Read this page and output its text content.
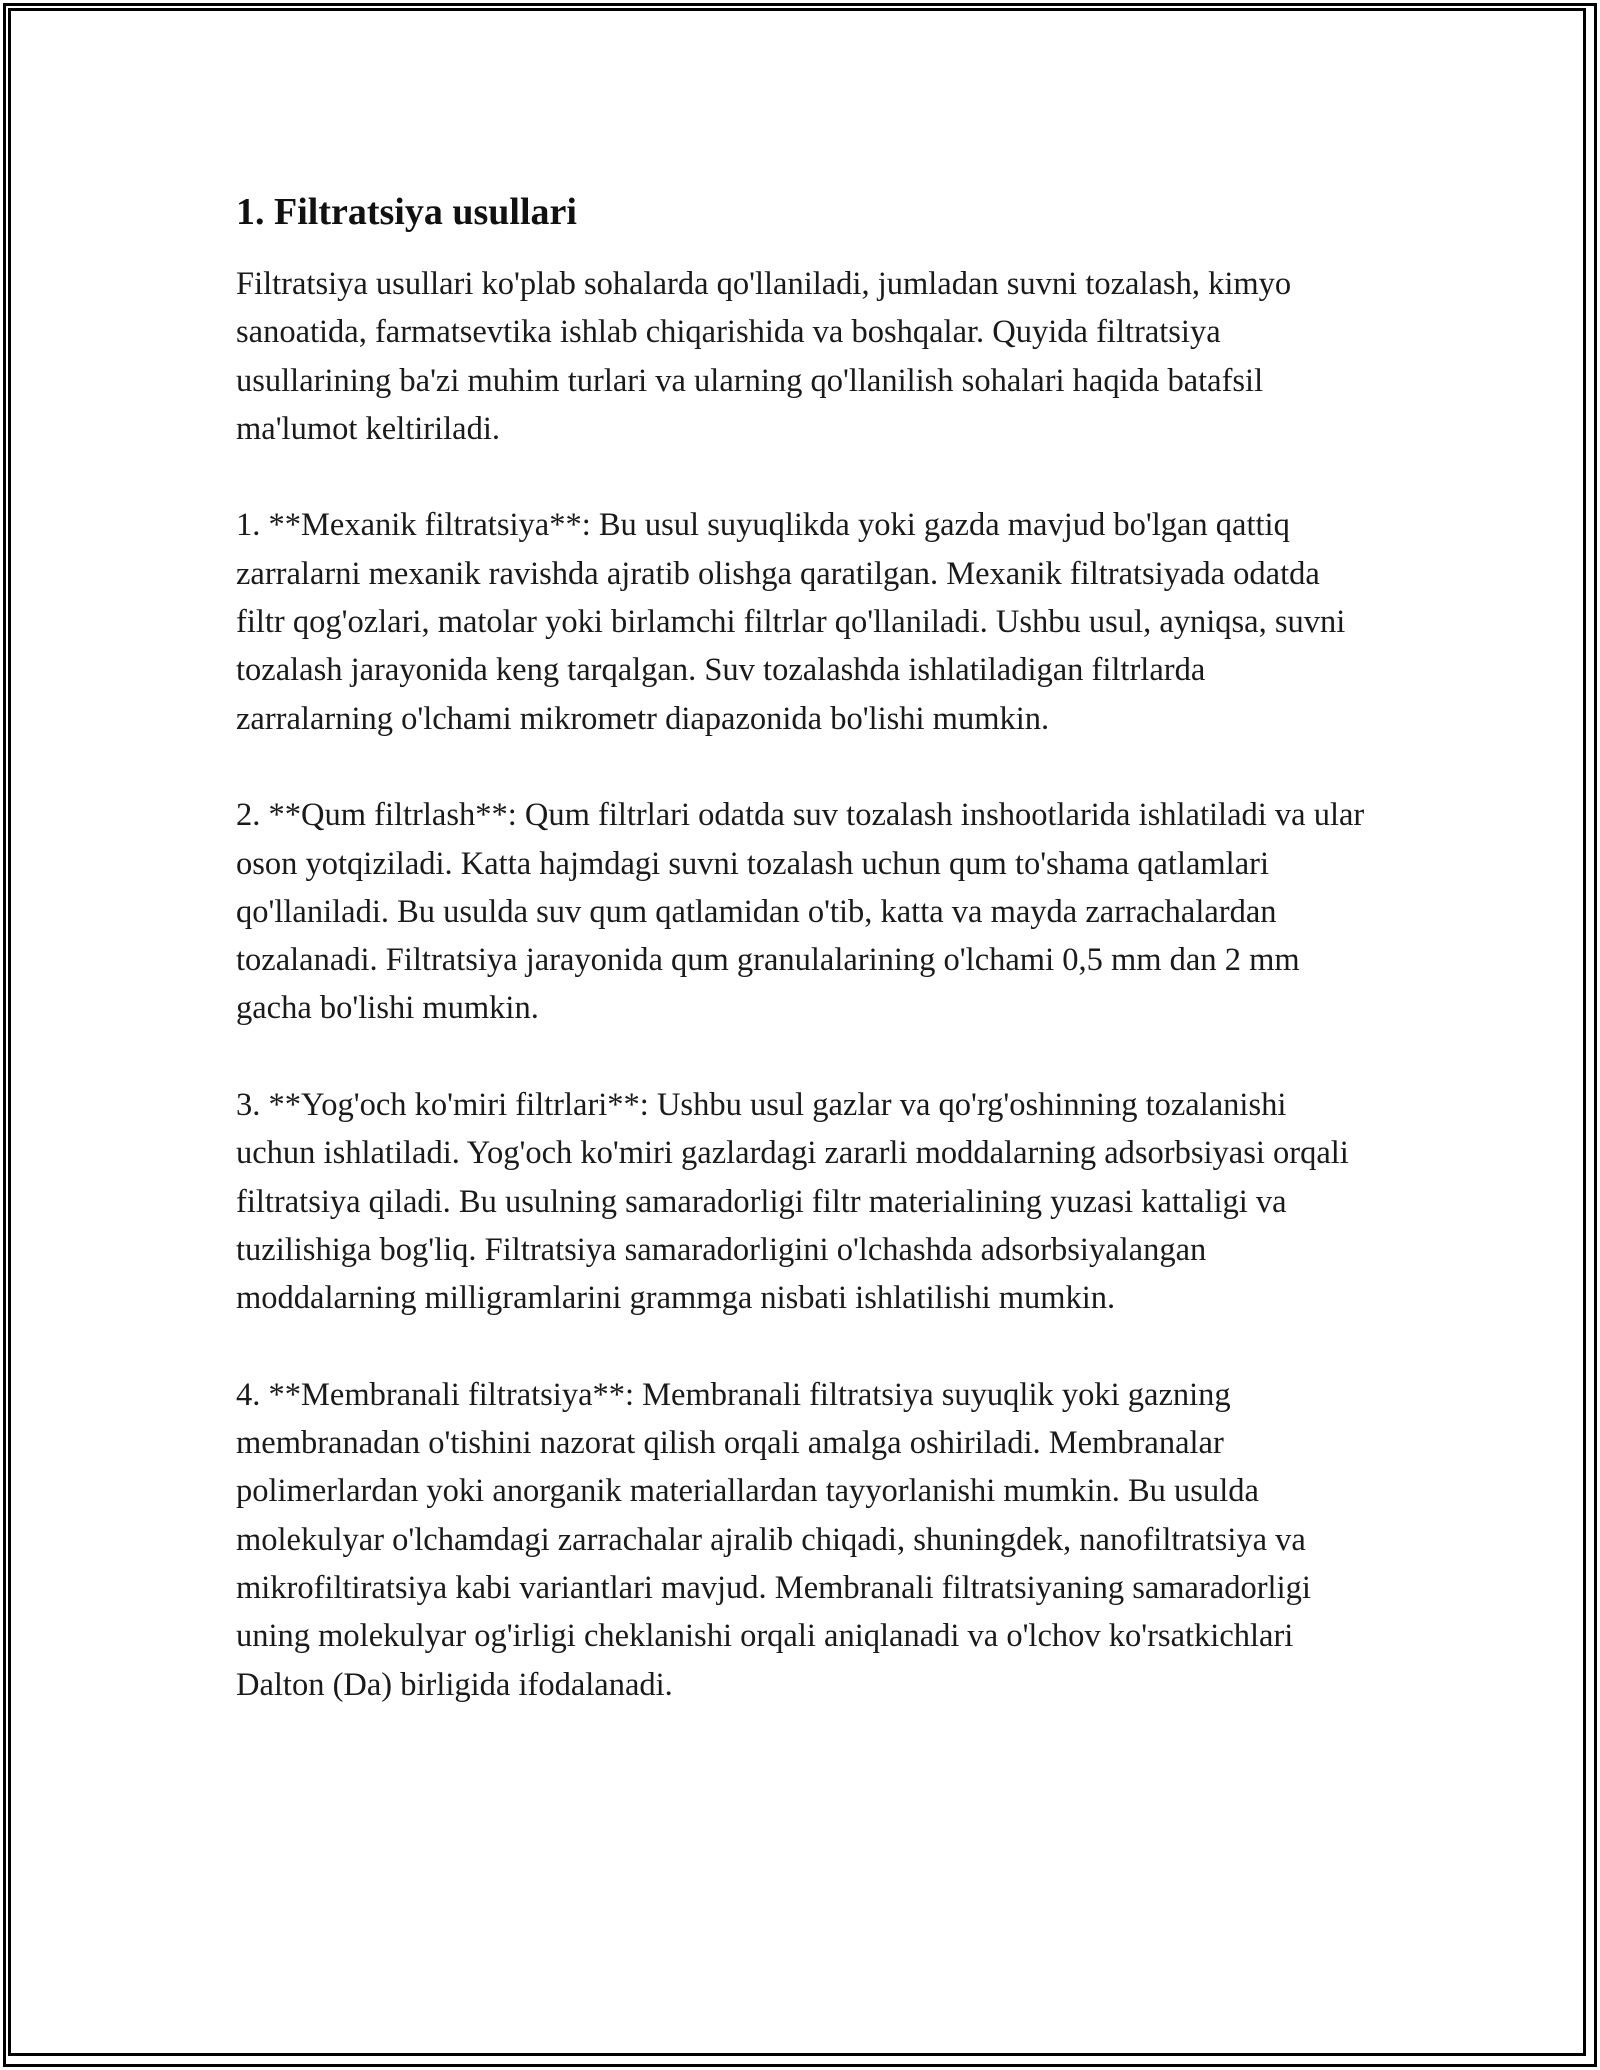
1. Filtratsiya usullari

Filtratsiya usullari ko'plab sohalarda qo'llaniladi, jumladan suvni tozalash, kimyo sanoatida, farmatsevtika ishlab chiqarishida va boshqalar. Quyida filtratsiya usullarining ba'zi muhim turlari va ularning qo'llanilish sohalari haqida batafsil ma'lumot keltiriladi.

1. **Mexanik filtratsiya**: Bu usul suyuqlikda yoki gazda mavjud bo'lgan qattiq zarralarni mexanik ravishda ajratib olishga qaratilgan. Mexanik filtratsiyada odatda filtr qog'ozlari, matolar yoki birlamchi filtrlar qo'llaniladi. Ushbu usul, ayniqsa, suvni tozalash jarayonida keng tarqalgan. Suv tozalashda ishlatiladigan filtrlarda zarralarning o'lchami mikrometr diapazonida bo'lishi mumkin.

2. **Qum filtrlash**: Qum filtrlari odatda suv tozalash inshootlarida ishlatiladi va ular oson yotqiziladi. Katta hajmdagi suvni tozalash uchun qum to'shama qatlamlari qo'llaniladi. Bu usulda suv qum qatlamidan o'tib, katta va mayda zarrachalardan tozalanadi. Filtratsiya jarayonida qum granulalarining o'lchami 0,5 mm dan 2 mm gacha bo'lishi mumkin.

3. **Yog'och ko'miri filtrlari**: Ushbu usul gazlar va qo'rg'oshinning tozalanishi uchun ishlatiladi. Yog'och ko'miri gazlardagi zararli moddalarning adsorbsiyasi orqali filtratsiya qiladi. Bu usulning samaradorligi filtr materialining yuzasi kattaligi va tuzilishiga bog'liq. Filtratsiya samaradorligini o'lchashda adsorbsiyalangan moddalarning milligramlarini grammga nisbati ishlatilishi mumkin.

4. **Membranali filtratsiya**: Membranali filtratsiya suyuqlik yoki gazning membranadan o'tishini nazorat qilish orqali amalga oshiriladi. Membranalar polimerlardan yoki anorganik materiallardan tayyorlanishi mumkin. Bu usulda molekulyar o'lchamdagi zarrachalar ajralib chiqadi, shuningdek, nanofiltratsiya va mikrofiltiratsiya kabi variantlari mavjud. Membranali filtratsiyaning samaradorligi uning molekulyar og'irligi cheklanishi orqali aniqlanadi va o'lchov ko'rsatkichlari Dalton (Da) birligida ifodalanadi.
